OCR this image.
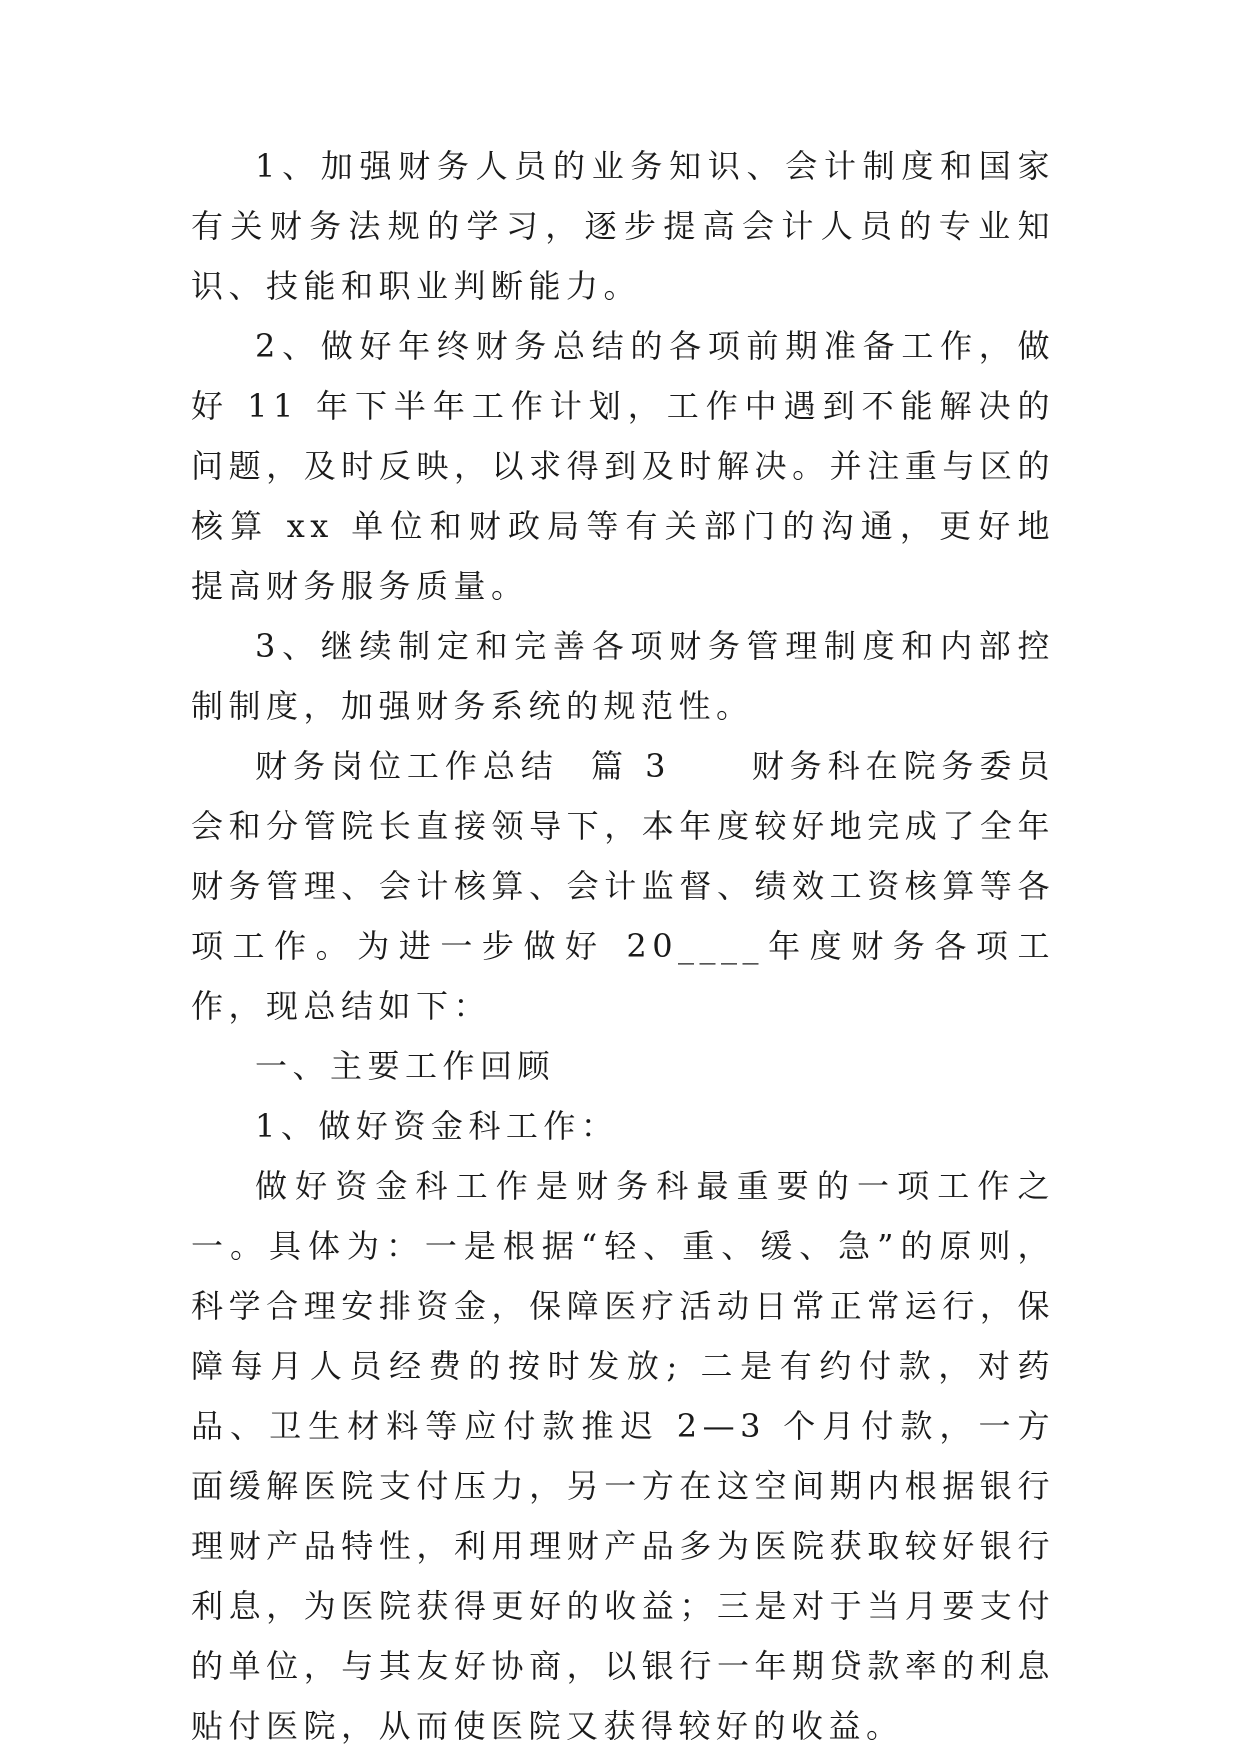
1、加强财务人员的业务知识、会计制度和国家有关财务法规的学习，逐步提高会计人员的专业知识、技能和职业判断能力。

2、做好年终财务总结的各项前期准备工作，做好 11 年下半年工作计划，工作中遇到不能解决的问题，及时反映，以求得到及时解决。并注重与区的核算 xx 单位和财政局等有关部门的沟通，更好地提高财务服务质量。

3、继续制定和完善各项财务管理制度和内部控制制度，加强财务系统的规范性。

财务岗位工作总结  篇 3     财务科在院务委员会和分管院长直接领导下，本年度较好地完成了全年财务管理、会计核算、会计监督、绩效工资核算等各项工作。为进一步做好 20____年度财务各项工作，现总结如下：

一、主要工作回顾

1、做好资金科工作：

做好资金科工作是财务科最重要的一项工作之一。具体为：一是根据“轻、重、缓、急”的原则，科学合理安排资金，保障医疗活动日常正常运行，保障每月人员经费的按时发放; 二是有约付款，对药品、卫生材料等应付款推迟 2—3 个月付款，一方面缓解医院支付压力，另一方在这空间期内根据银行理财产品特性，利用理财产品多为医院获取较好银行利息，为医院获得更好的收益；三是对于当月要支付的单位，与其友好协商，以银行一年期贷款率的利息贴付医院，从而使医院又获得较好的收益。
